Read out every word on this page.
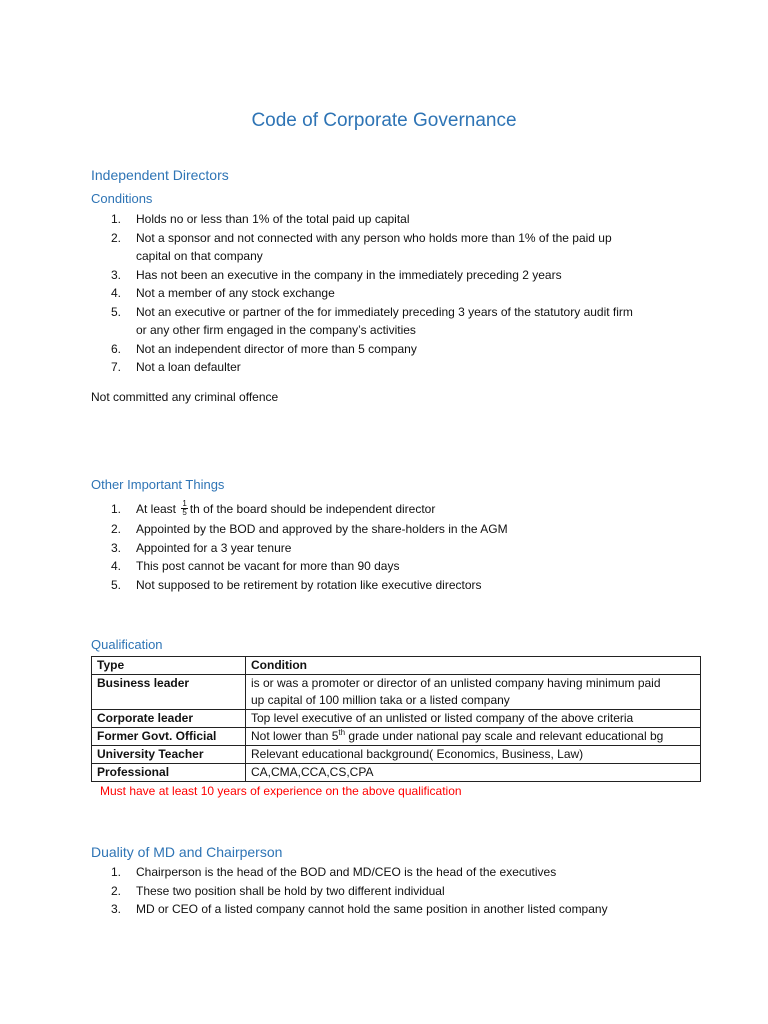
Code of Corporate Governance
Independent Directors
Conditions
1. Holds no or less than 1% of the total paid up capital
2. Not a sponsor and not connected with any person who holds more than 1% of the paid up
capital on that company
3. Has not been an executive in the company in the immediately preceding 2 years
4. Not a member of any stock exchange
5. Not an executive or partner of the for immediately preceding 3 years of the statutory audit firm
or any other firm engaged in the company’s activities
6. Not an independent director of more than 5 company
7. Not a loan defaulter
Not committed any criminal offence
Other Important Things
1. At least $\frac{1}{5}$ th of the board should be independent director
2. Appointed by the BOD and approved by the share-holders in the AGM
3. Appointed for a 3 year tenure
4. This post cannot be vacant for more than 90 days
5. Not supposed to be retirement by rotation like executive directors
Qualification
Type	Condition
Business leader	is or was a promoter or director of an unlisted company having minimum paid
up capital of 100 million taka or a listed company
Corporate leader	Top level executive of an unlisted or listed company of the above criteria
Former Govt. Official	Not lower than 5th grade under national pay scale and relevant educational bg
University Teacher	Relevant educational background( Economics, Business, Law)
Professional	CA,CMA,CCA,CS,CPA
Must have at least 10 years of experience on the above qualification
Duality of MD and Chairperson
1. Chairperson is the head of the BOD and MD/CEO is the head of the executives
2. These two position shall be hold by two different individual
3. MD or CEO of a listed company cannot hold the same position in another listed company
